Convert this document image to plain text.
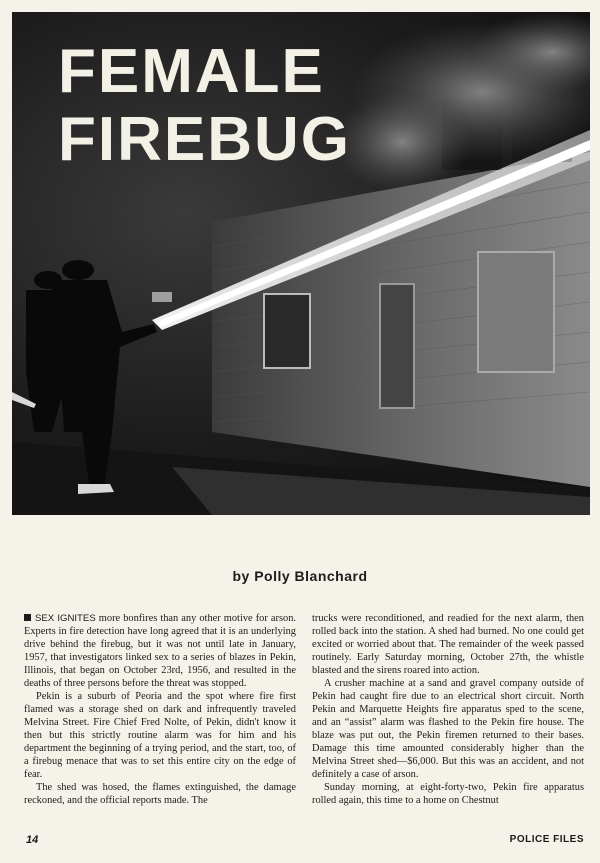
FEMALE
FIREBUG
by Polly Blanchard

SEX IGNITES more bonfires than any other motive for arson. Experts in fire detection have long agreed that it is an underlying drive behind the firebug, but it was not until late in January, 1957, that investigators linked sex to a series of blazes in Pekin, Illinois, that began on October 23rd, 1956, and resulted in the deaths of three persons before the threat was stopped.

Pekin is a suburb of Peoria and the spot where fire first flamed was a storage shed on dark and infrequently traveled Melvina Street. Fire Chief Fred Nolte, of Pekin, didn't know it then but this strictly routine alarm was for him and his department the beginning of a trying period, and the start, too, of a firebug menace that was to set this entire city on the edge of fear.

The shed was hosed, the flames extinguished, the damage reckoned, and the official reports made. The

trucks were reconditioned, and readied for the next alarm, then rolled back into the station. A shed had burned. No one could get excited or worried about that. The remainder of the week passed routinely. Early Saturday morning, October 27th, the whistle blasted and the sirens roared into action.

A crusher machine at a sand and gravel company outside of Pekin had caught fire due to an electrical short circuit. North Pekin and Marquette Heights fire apparatus sped to the scene, and an “assist” alarm was flashed to the Pekin fire house. The blaze was put out, the Pekin firemen returned to their bases. Damage this time amounted considerably higher than the Melvina Street shed—$6,000. But this was an accident, and not definitely a case of arson.

Sunday morning, at eight-forty-two, Pekin fire apparatus rolled again, this time to a home on Chestnut

14	POLICE FILES
